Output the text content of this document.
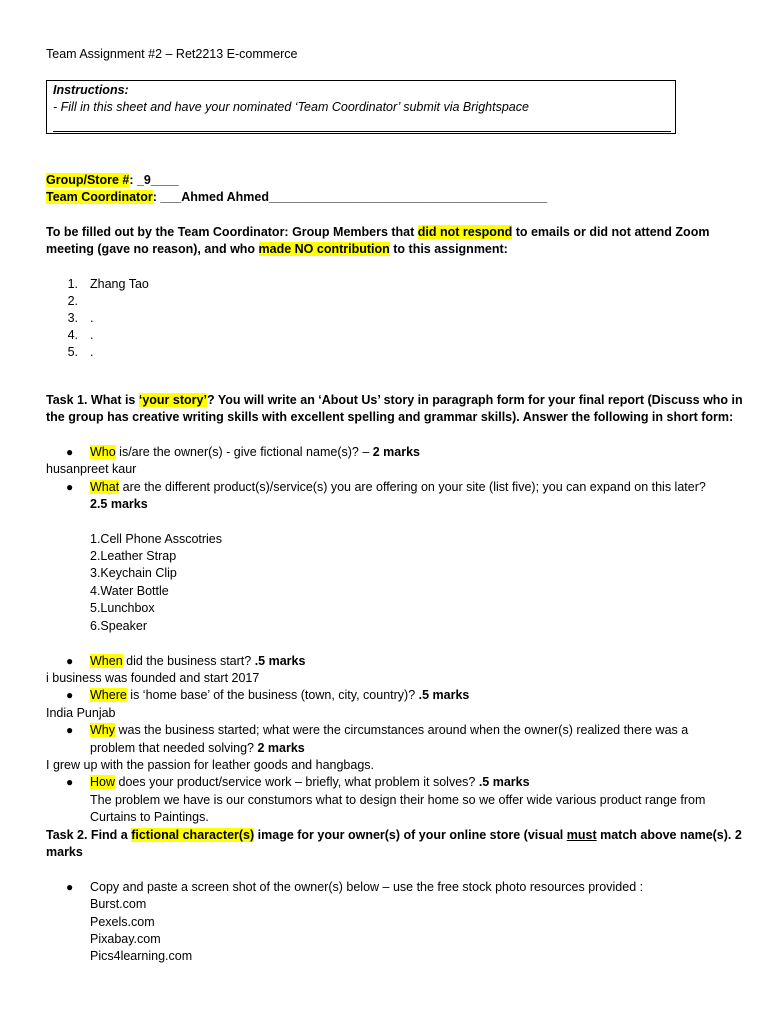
Team Assignment #2 – Ret2213 E-commerce
Instructions:
- Fill in this sheet and have your nominated ‘Team Coordinator’ submit via Brightspace
Group/Store #: _9____
Team Coordinator: ___Ahmed Ahmed________________________________________
To be filled out by the Team Coordinator: Group Members that did not respond to emails or did not attend Zoom
meeting (gave no reason), and who made NO contribution to this assignment:
1. Zhang Tao
2.
3. .
4. .
5. .
Task 1. What is ‘your story’? You will write an ‘About Us’ story in paragraph form for your final report (Discuss who in
the group has creative writing skills with excellent spelling and grammar skills). Answer the following in short form:
● Who is/are the owner(s) - give fictional name(s)? – 2 marks
husanpreet kaur
● What are the different product(s)/service(s) you are offering on your site (list five); you can expand on this later?
2.5 marks
1.Cell Phone Asscotries
2.Leather Strap
3.Keychain Clip
4.Water Bottle
5.Lunchbox
6.Speaker
● When did the business start? .5 marks
i business was founded and start 2017
● Where is ‘home base’ of the business (town, city, country)? .5 marks
India Punjab
● Why was the business started; what were the circumstances around when the owner(s) realized there was a
problem that needed solving? 2 marks
I grew up with the passion for leather goods and hangbags.
● How does your product/service work – briefly, what problem it solves? .5 marks
The problem we have is our constumors what to design their home so we offer wide various product range from
Curtains to Paintings.
Task 2. Find a fictional character(s) image for your owner(s) of your online store (visual must match above name(s). 2
marks
● Copy and paste a screen shot of the owner(s) below – use the free stock photo resources provided :
Burst.com
Pexels.com
Pixabay.com
Pics4learning.com
